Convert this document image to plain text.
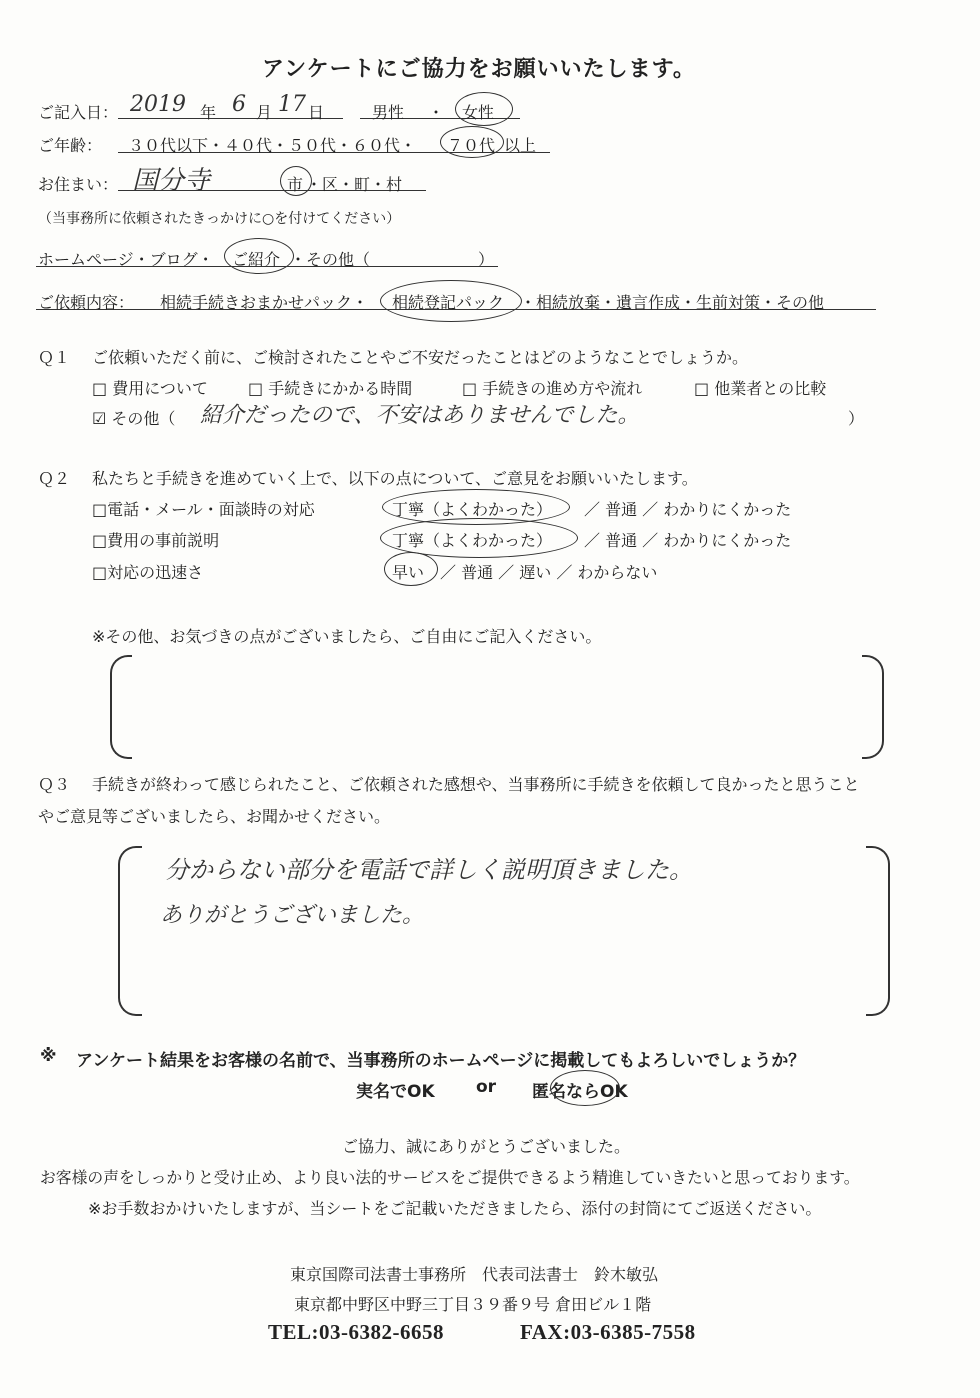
アンケートにご協力をお願いいたします。
ご記入日： 2019 年 6 月 17 日	男性 ・ 女性
ご年齢： ３０代以下・４０代・５０代・６０代・ ７０代 以上
お住まい： 国分寺	市 ・区・町・村
（当事務所に依頼されたきっかけに○を付けてください）
ホームページ・ブログ・ ご紹介 ・その他（	）
ご依頼内容： 相続手続きおまかせパック・ 相続登記パック ・相続放棄・遺言作成・生前対策・その他
Ｑ１ ご依頼いただく前に、ご検討されたことやご不安だったことはどのようなことでしょうか。
□ 費用について	□ 手続きにかかる時間	□ 手続きの進め方や流れ	□ 他業者との比較
☑ その他（ 紹介だったので、不安はありませんでした。	）
Ｑ２ 私たちと手続きを進めていく上で、以下の点について、ご意見をお願いいたします。
□電話・メール・面談時の対応	丁寧（よくわかった） ／ 普通 ／ わかりにくかった
□費用の事前説明	丁寧（よくわかった） ／ 普通 ／ わかりにくかった
□対応の迅速さ	早い ／ 普通 ／ 遅い ／ わからない
※その他、お気づきの点がございましたら、ご自由にご記入ください。
Ｑ３ 手続きが終わって感じられたこと、ご依頼された感想や、当事務所に手続きを依頼して良かったと思うこと
やご意見等ございましたら、お聞かせください。
分からない部分を電話で詳しく説明頂きました。
ありがとうございました。
※ アンケート結果をお客様の名前で、当事務所のホームページに掲載してもよろしいでしょうか？
実名でOK or 匿名ならOK
ご協力、誠にありがとうございました。
お客様の声をしっかりと受け止め、より良い法的サービスをご提供できるよう精進していきたいと思っております。
※お手数おかけいたしますが、当シートをご記載いただきましたら、添付の封筒にてご返送ください。
東京国際司法書士事務所　代表司法書士　鈴木敏弘
東京都中野区中野三丁目３９番９号 倉田ビル１階
TEL:03-6382-6658	FAX:03-6385-7558
